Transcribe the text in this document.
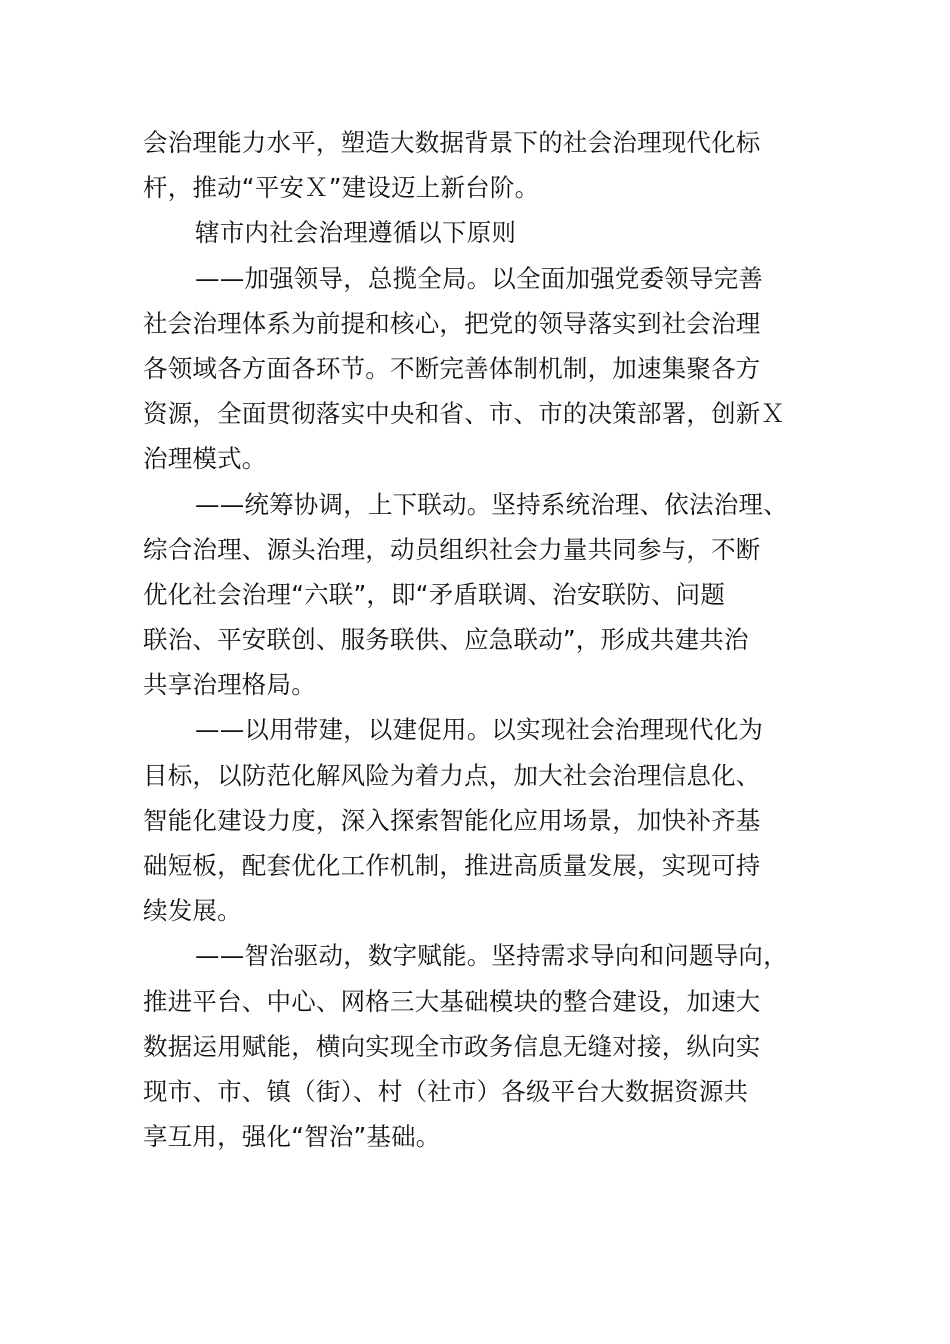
会治理能力水平，塑造大数据背景下的社会治理现代化标
杆，推动“平安Ｘ”建设迈上新台阶。
辖市内社会治理遵循以下原则
——加强领导，总揽全局。以全面加强党委领导完善
社会治理体系为前提和核心，把党的领导落实到社会治理
各领域各方面各环节。不断完善体制机制，加速集聚各方
资源，全面贯彻落实中央和省、市、市的决策部署，创新Ｘ
治理模式。
——统筹协调，上下联动。坚持系统治理、依法治理、
综合治理、源头治理，动员组织社会力量共同参与，不断
优化社会治理“六联”，即“矛盾联调、治安联防、问题
联治、平安联创、服务联供、应急联动”，形成共建共治
共享治理格局。
——以用带建，以建促用。以实现社会治理现代化为
目标，以防范化解风险为着力点，加大社会治理信息化、
智能化建设力度，深入探索智能化应用场景，加快补齐基
础短板，配套优化工作机制，推进高质量发展，实现可持
续发展。
——智治驱动，数字赋能。坚持需求导向和问题导向，
推进平台、中心、网格三大基础模块的整合建设，加速大
数据运用赋能，横向实现全市政务信息无缝对接，纵向实
现市、市、镇（街）、村（社市）各级平台大数据资源共
享互用，强化“智治”基础。
